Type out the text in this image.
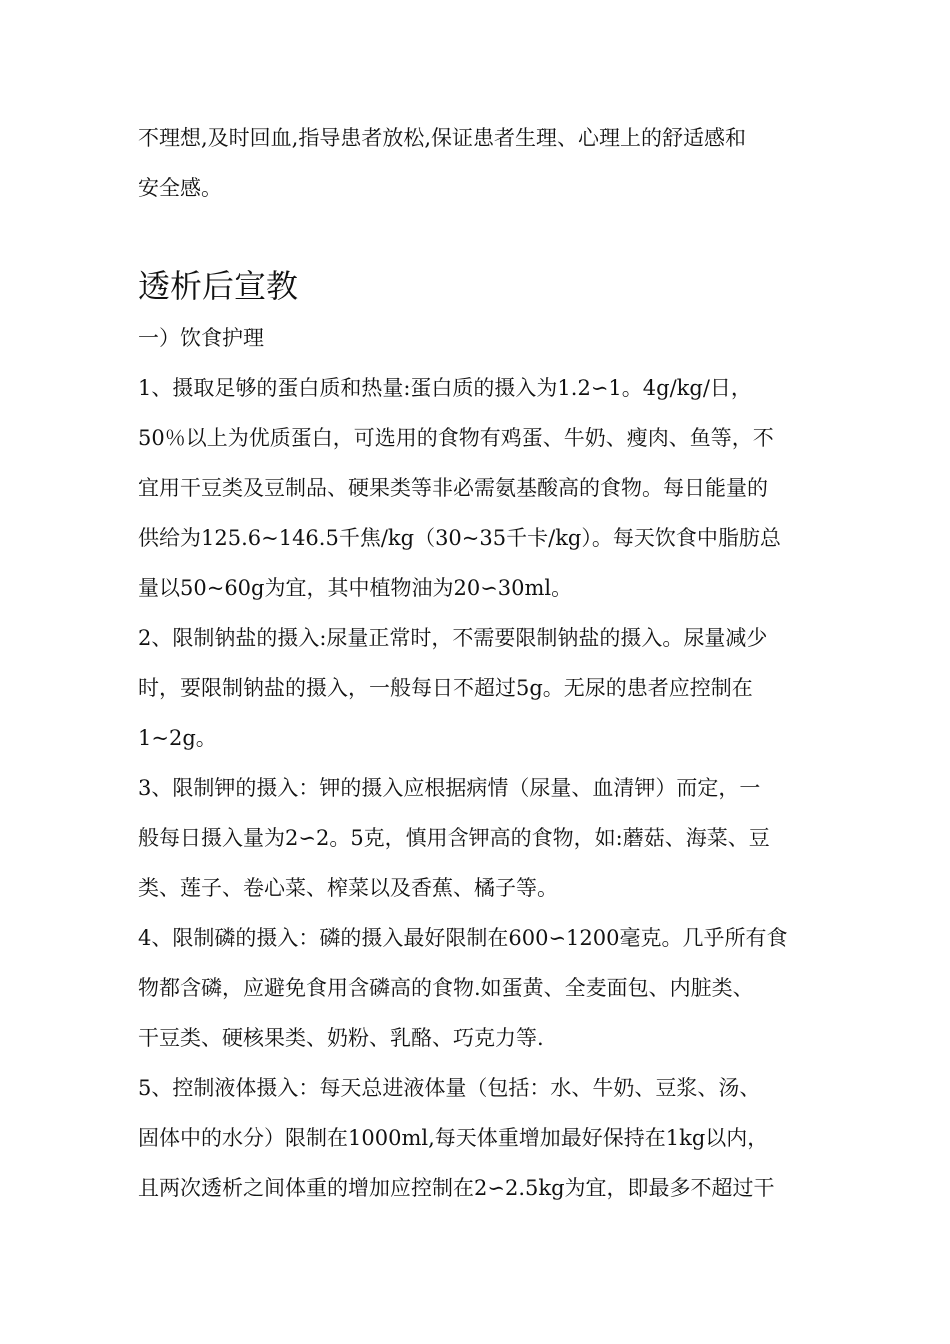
不理想,及时回血,指导患者放松,保证患者生理、心理上的舒适感和
安全感。
透析后宣教
一）饮食护理
1、摄取足够的蛋白质和热量:蛋白质的摄入为1.2∽1。4g/kg/日，
50％以上为优质蛋白，可选用的食物有鸡蛋、牛奶、瘦肉、鱼等，不
宜用干豆类及豆制品、硬果类等非必需氨基酸高的食物。每日能量的
供给为125.6~146.5千焦/kg（30~35千卡/kg）。每天饮食中脂肪总
量以50~60g为宜，其中植物油为20∽30ml。
2、限制钠盐的摄入:尿量正常时，不需要限制钠盐的摄入。尿量减少
时，要限制钠盐的摄入，一般每日不超过5g。无尿的患者应控制在
1~2g。
3、限制钾的摄入：钾的摄入应根据病情（尿量、血清钾）而定，一
般每日摄入量为2∽2。5克，慎用含钾高的食物，如:蘑菇、海菜、豆
类、莲子、卷心菜、榨菜以及香蕉、橘子等。
4、限制磷的摄入：磷的摄入最好限制在600∽1200毫克。几乎所有食
物都含磷，应避免食用含磷高的食物.如蛋黄、全麦面包、内脏类、
干豆类、硬核果类、奶粉、乳酪、巧克力等.
5、控制液体摄入：每天总进液体量（包括：水、牛奶、豆浆、汤、
固体中的水分）限制在1000ml,每天体重增加最好保持在1kg以内，
且两次透析之间体重的增加应控制在2∽2.5kg为宜，即最多不超过干
